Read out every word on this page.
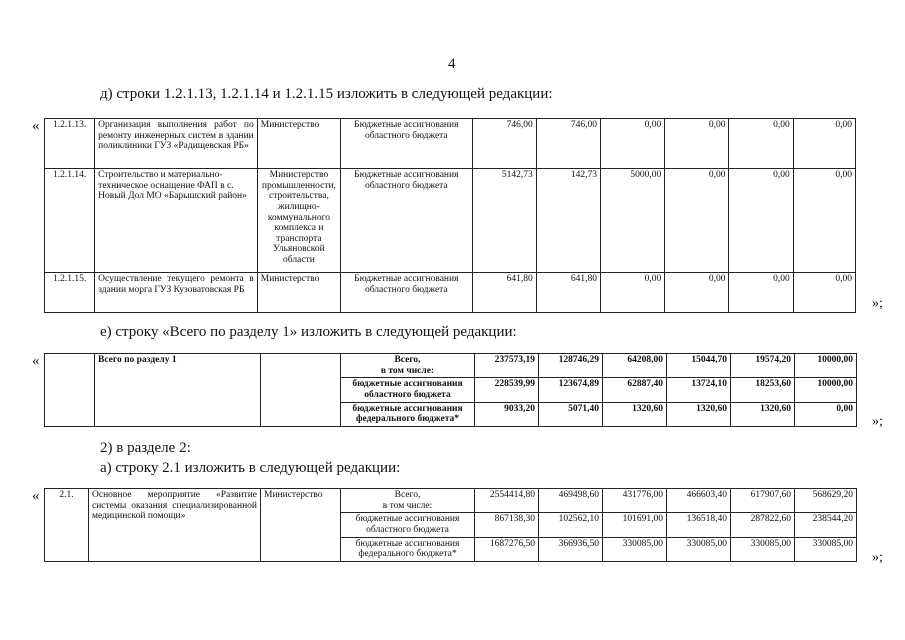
4
д) строки 1.2.1.13, 1.2.1.14 и 1.2.1.15 изложить в следующей редакции:
« 1.2.1.13.	Организация выполнения работ по ремонту инженерных систем в здании поликлиники ГУЗ «Радищевская РБ»	Министерство	Бюджетные ассигнования областного бюджета	746,00	746,00	0,00	0,00	0,00	0,00
1.2.1.14.	Строительство и материально-техническое оснащение ФАП в с. Новый Дол МО «Барышский район»	Министерство промышленности, строительства, жилищно-коммунального комплекса и транспорта Ульяновской области	Бюджетные ассигнования областного бюджета	5142,73	142,73	5000,00	0,00	0,00	0,00
1.2.1.15.	Осуществление текущего ремонта в здании морга ГУЗ Кузоватовская РБ	Министерство	Бюджетные ассигнования областного бюджета	641,80	641,80	0,00	0,00	0,00	0,00
»;
е) строку «Всего по разделу 1» изложить в следующей редакции:
«
		Всего по разделу 1		Всего,
в том числе:	237573,19	128746,29	64208,00	15044,70	19574,20	10000,00
			бюджетные ассигнования областного бюджета	228539,99	123674,89	62887,40	13724,10	18253,60	10000,00
			бюджетные ассигнования федерального бюджета*	9033,20	5071,40	1320,60	1320,60	1320,60	0,00
»;
2) в разделе 2:
а) строку 2.1 изложить в следующей редакции:
« 2.1.	Основное мероприятие «Развитие системы оказания специализированной медицинской помощи»	Министерство	Всего,
в том числе:	2554414,80	469498,60	431776,00	466603,40	617907,60	568629,20
			бюджетные ассигнования областного бюджета	867138,30	102562,10	101691,00	136518,40	287822,60	238544,20
			бюджетные ассигнования федерального бюджета*	1687276,50	366936,50	330085,00	330085,00	330085,00	330085,00
»;
